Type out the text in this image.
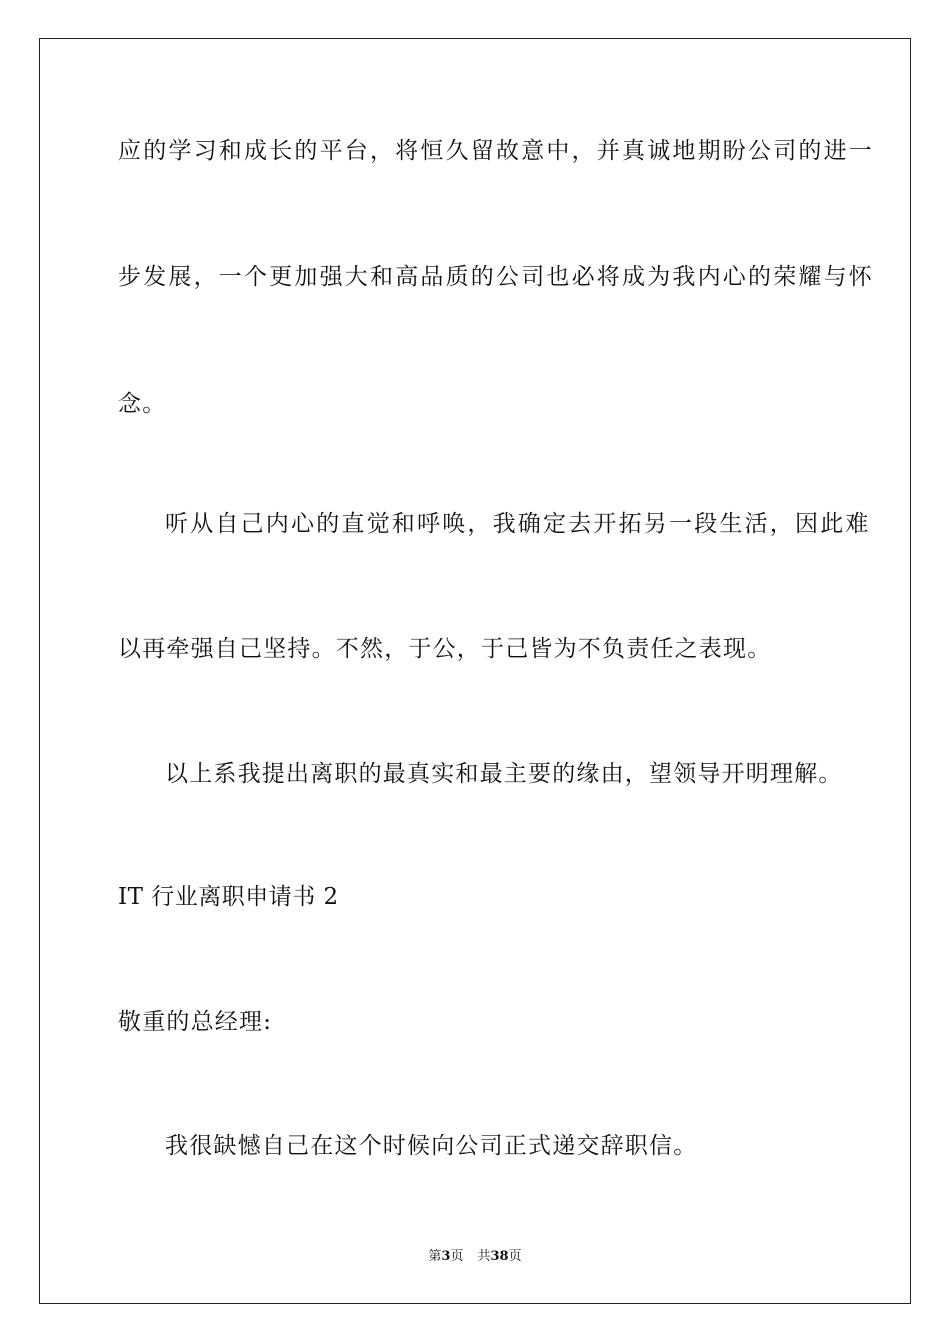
应的学习和成长的平台，将恒久留故意中，并真诚地期盼公司的进一
步发展，一个更加强大和高品质的公司也必将成为我内心的荣耀与怀
念。
听从自己内心的直觉和呼唤，我确定去开拓另一段生活，因此难
以再牵强自己坚持。不然，于公，于己皆为不负责任之表现。
以上系我提出离职的最真实和最主要的缘由，望领导开明理解。
IT 行业离职申请书 2
敬重的总经理:
我很缺憾自己在这个时候向公司正式递交辞职信。
第3页 共38页
